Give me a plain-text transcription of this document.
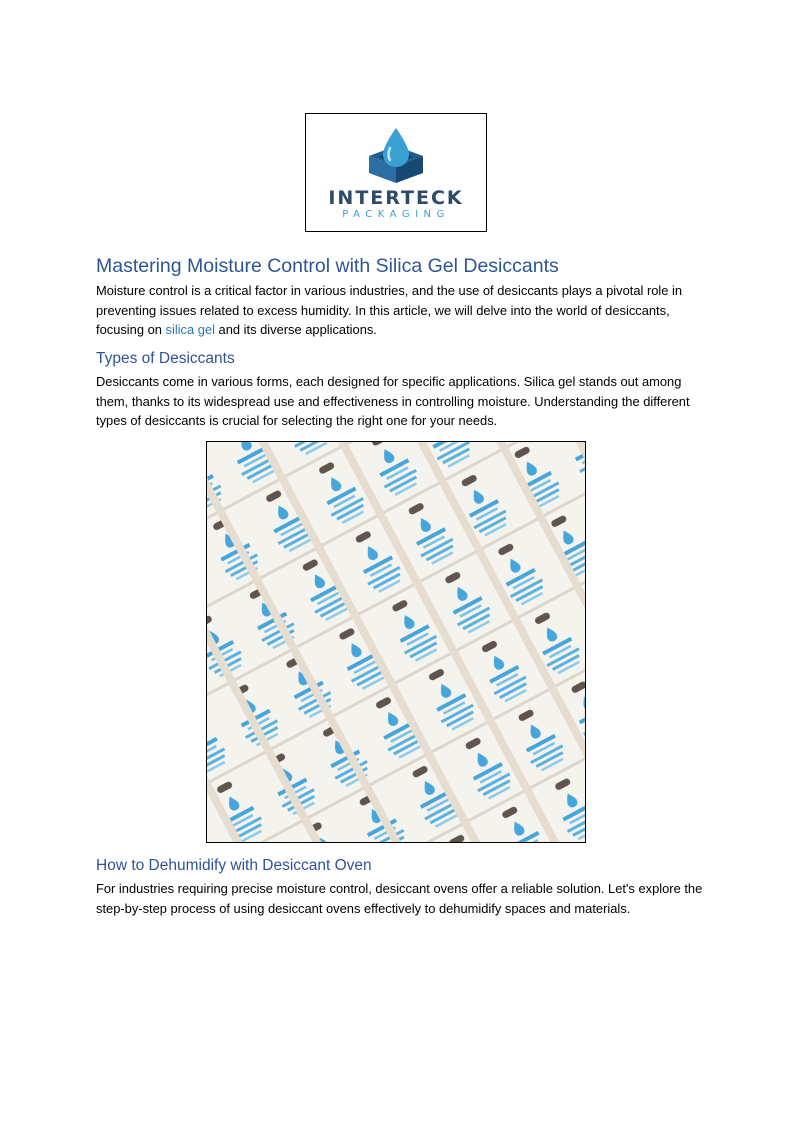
INTERTECK
PACKAGING
Mastering Moisture Control with Silica Gel Desiccants

Moisture control is a critical factor in various industries, and the use of desiccants plays a pivotal role in preventing issues related to excess humidity. In this article, we will delve into the world of desiccants, focusing on silica gel and its diverse applications.

Types of Desiccants

Desiccants come in various forms, each designed for specific applications. Silica gel stands out among them, thanks to its widespread use and effectiveness in controlling moisture. Understanding the different types of desiccants is crucial for selecting the right one for your needs.

How to Dehumidify with Desiccant Oven

For industries requiring precise moisture control, desiccant ovens offer a reliable solution. Let's explore the step-by-step process of using desiccant ovens effectively to dehumidify spaces and materials.
